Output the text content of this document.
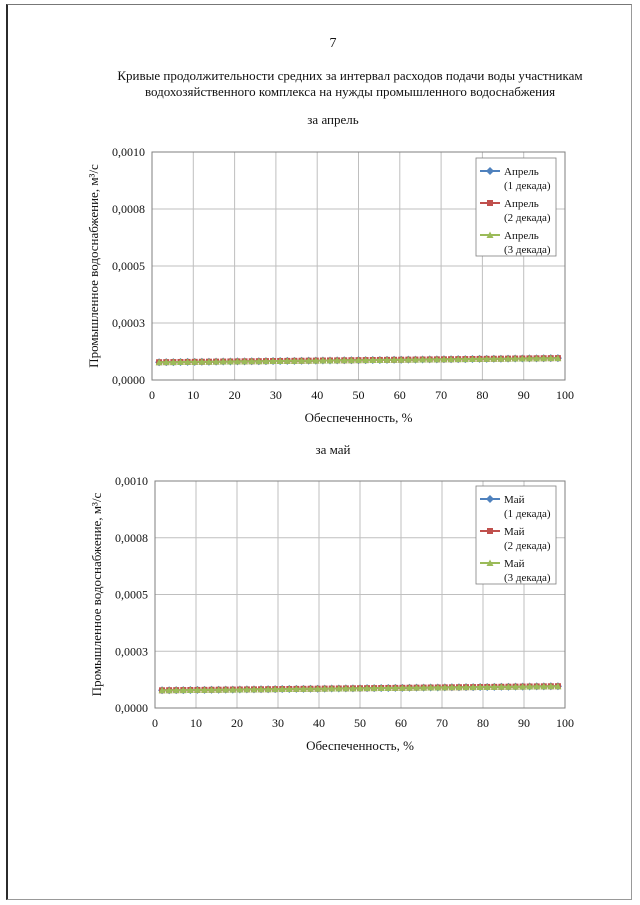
7
Кривые продолжительности средних за интервал расходов подачи воды участникам
водохозяйственного комплекса на нужды промышленного водоснабжения
за апрель
0	10 20 30 40 50 60 70 80 90 100
0,0000
0,0003
0,0005
0,0008
0,0010
Обеспеченность, %
Промышленное водоснабжение, м³/с	Апрель
(1 декада)
Апрель
(2 декада)
Апрель
(3 декада)
за май
0	10 20 30 40 50 60 70 80 90 100
0,0000
0,0003
0,0005
0,0008
0,0010
Обеспеченность, %
Промышленное водоснабжение, м³/с	Май
(1 декада)
Май
(2 декада)
Май
(3 декада)
